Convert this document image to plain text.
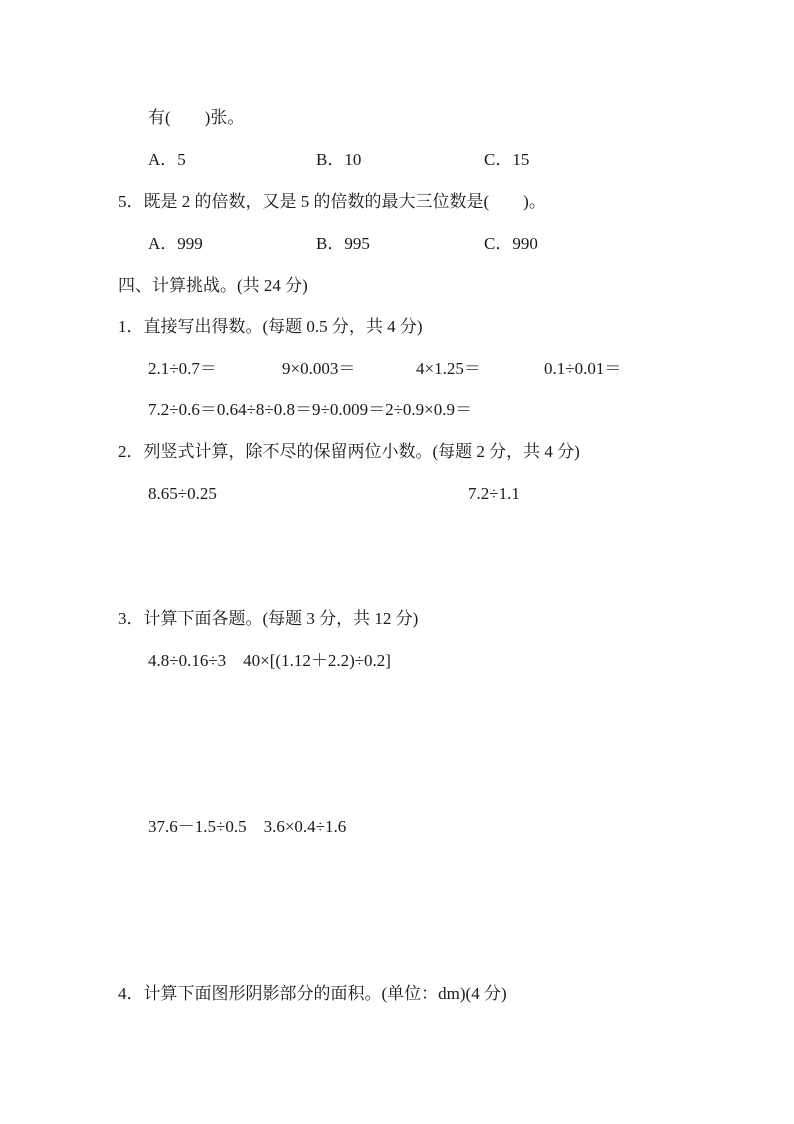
有(　　)张。
A．5	B．10	C．15
5．既是 2 的倍数，又是 5 的倍数的最大三位数是(　　)。
A．999	B．995	C．990
四、计算挑战。(共 24 分)
1．直接写出得数。(每题 0.5 分，共 4 分)
2.1÷0.7＝	9×0.003＝	4×1.25＝	0.1÷0.01＝
7.2÷0.6＝0.64÷8÷0.8＝9÷0.009＝2÷0.9×0.9＝
2．列竖式计算，除不尽的保留两位小数。(每题 2 分，共 4 分)
8.65÷0.25	7.2÷1.1
3．计算下面各题。(每题 3 分，共 12 分)
4.8÷0.16÷3　40×[(1.12＋2.2)÷0.2]
37.6－1.5÷0.5　3.6×0.4÷1.6
4．计算下面图形阴影部分的面积。(单位：dm)(4 分)
